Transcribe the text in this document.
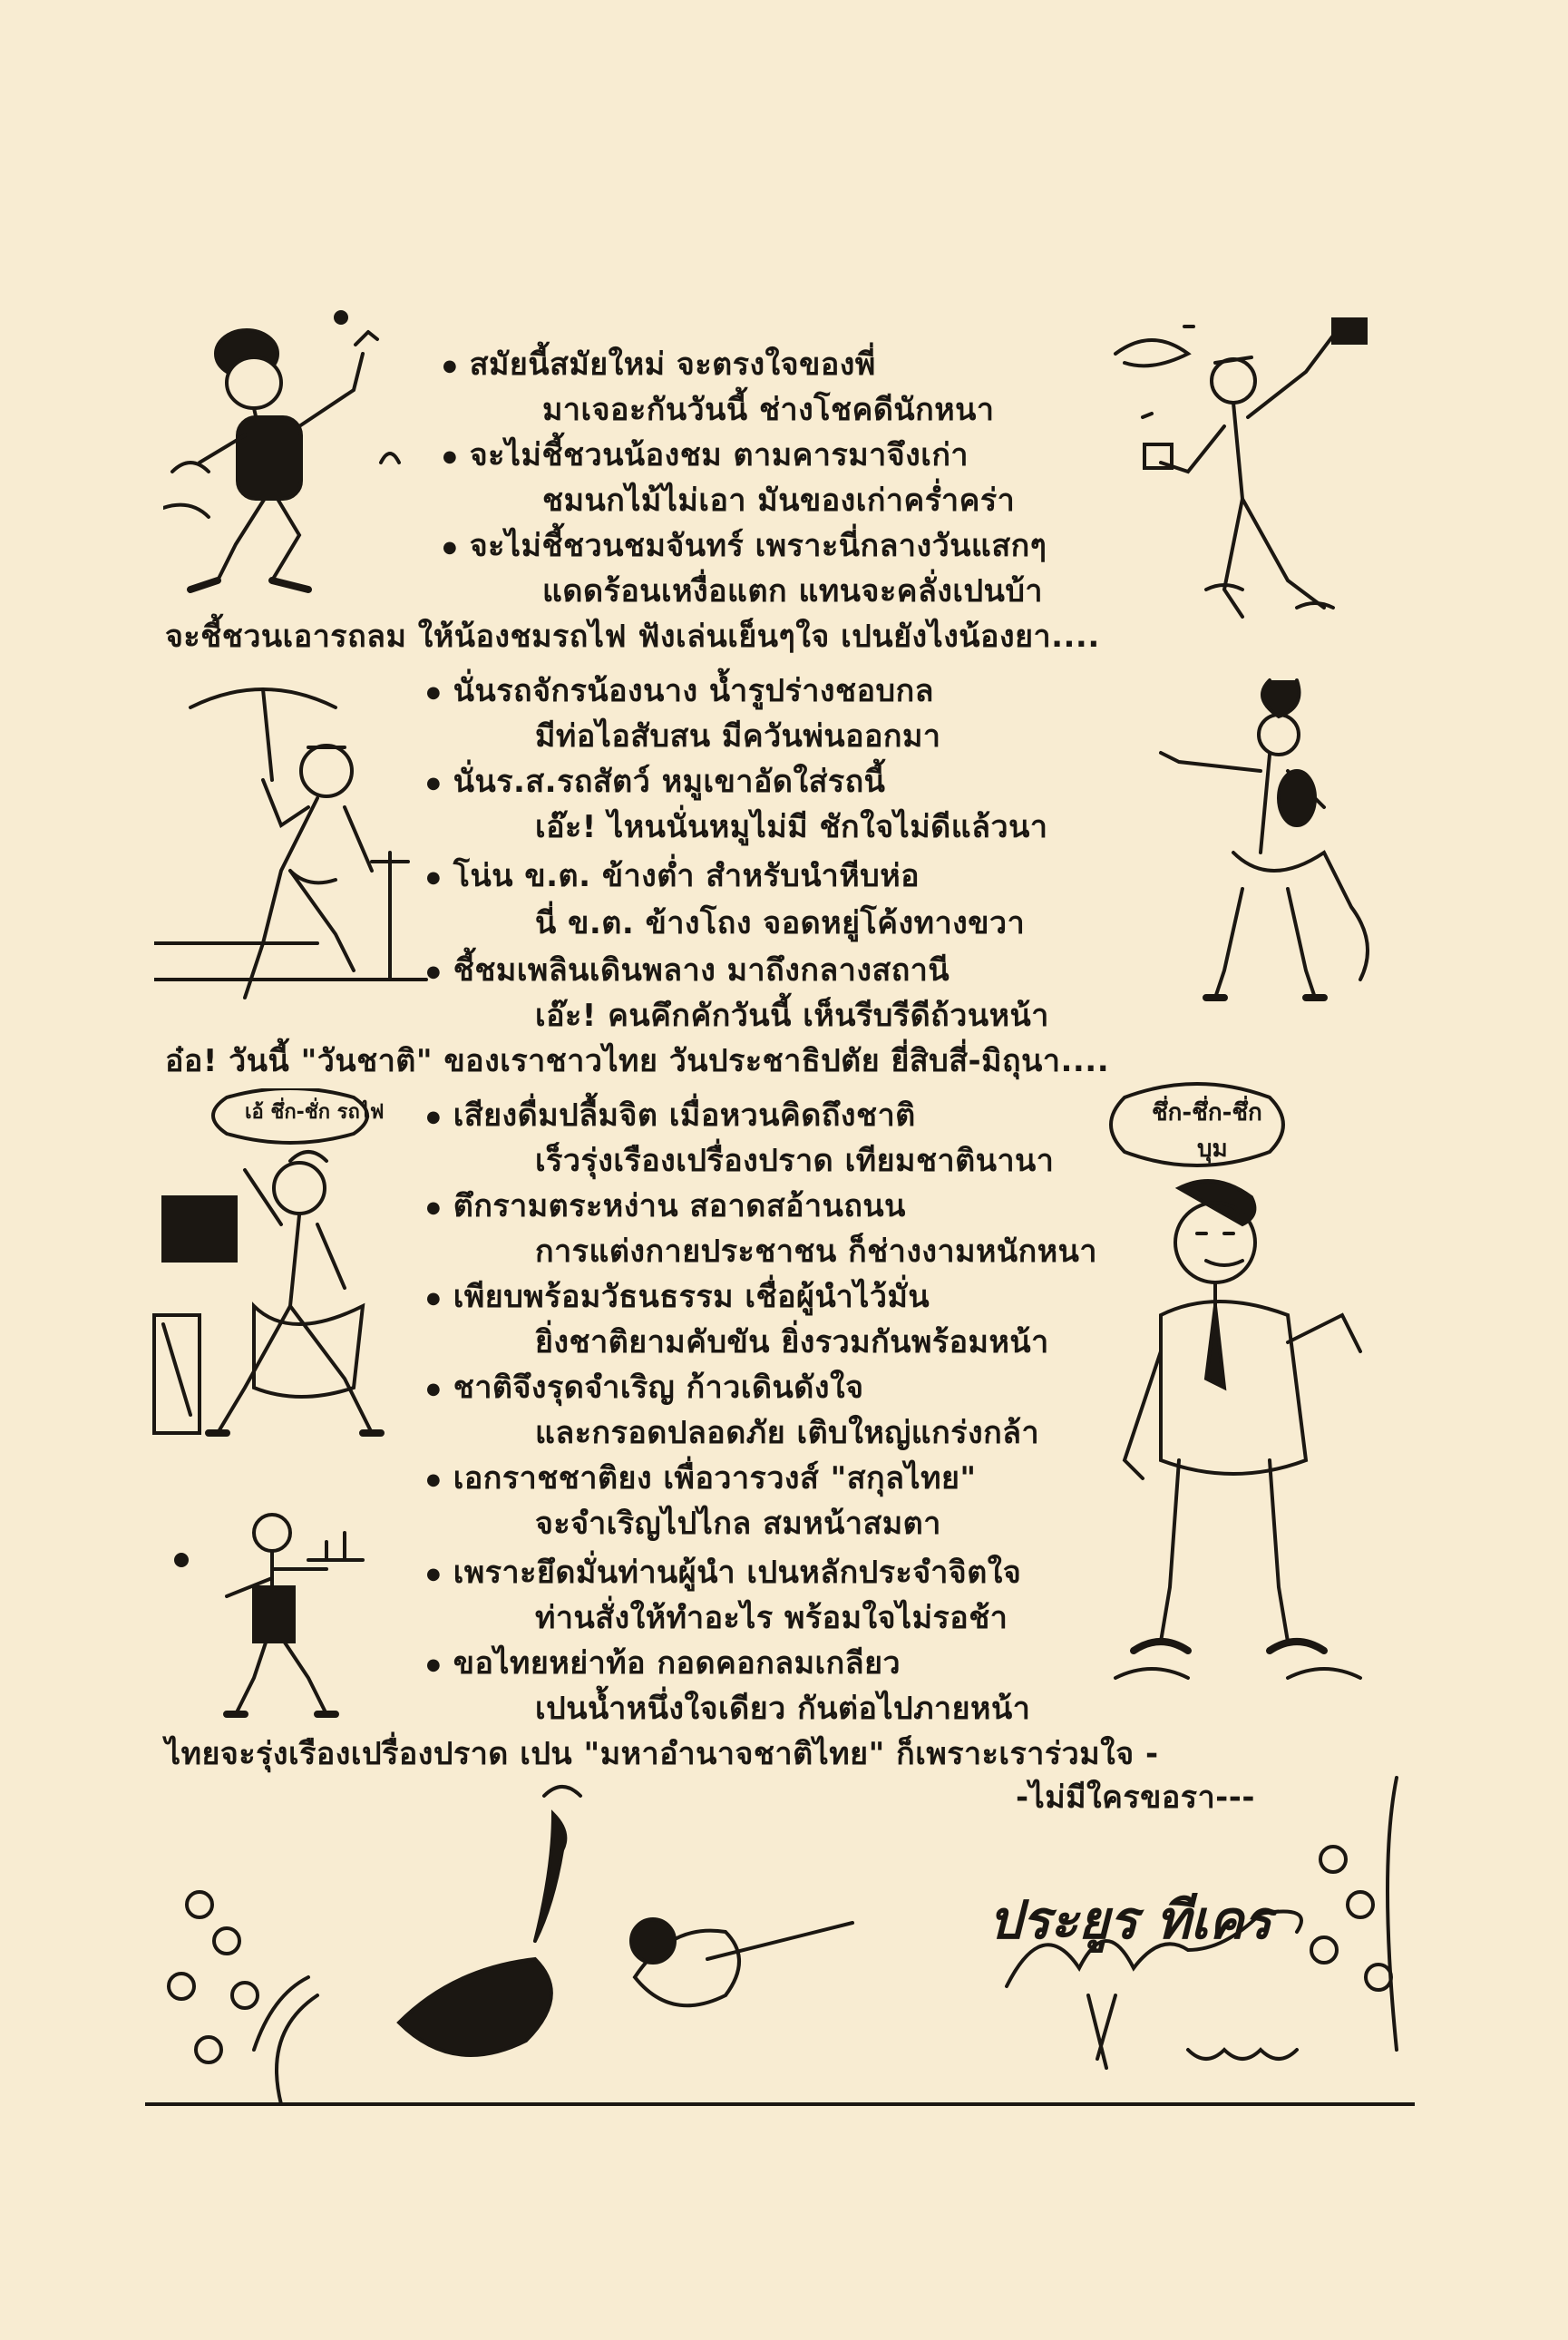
●  สมัยนี้สมัยใหม่ จะตรงใจของพี่
มาเจอะกันวันนี้ ช่างโชคดีนักหนา
●  จะไม่ชี้ชวนน้องชม ตามคารมาจึงเก่า
ชมนกไม้ไม่เอา มันของเก่าคร่ำคร่า
●  จะไม่ชี้ชวนชมจันทร์ เพราะนี่กลางวันแสกๆ
แดดร้อนเหงื่อแตก แทนจะคลั่งเปนบ้า
จะชี้ชวนเอารถลม ให้น้องชมรถไฟ ฟังเล่นเย็นๆใจ เปนยังไงน้องยา....
●  นั่นรถจักรน้องนาง น้ำรูปร่างชอบกล
มีท่อไอสับสน มีควันพ่นออกมา
●  นั่นร.ส.รถสัตว์ หมูเขาอัดใส่รถนี้
เอ๊ะ! ไหนนั่นหมูไม่มี ชักใจไม่ดีแล้วนา
●  โน่น ข.ต. ข้างต่ำ สำหรับนำหีบห่อ
นี่ ข.ต. ข้างโถง จอดหยู่โค้งทางขวา
●  ชี้ชมเพลินเดินพลาง มาถึงกลางสถานี
เอ๊ะ! คนคึกคักวันนี้ เห็นรีบรีดีถ้วนหน้า
อ๋อ! วันนี้ "วันชาติ" ของเราชาวไทย วันประชาธิปตัย ยี่สิบสี่-มิถุนา....
●  เสียงดื่มปลื้มจิต เมื่อหวนคิดถึงชาติ
เร็วรุ่งเรืองเปรื่องปราด เทียมชาตินานา
●  ตึกรามตระหง่าน สอาดสอ้านถนน
การแต่งกายประชาชน ก็ช่างงามหนักหนา
●  เพียบพร้อมวัธนธรรม เชื่อผู้นำไว้มั่น
ยิ่งชาติยามคับขัน ยิ่งรวมกันพร้อมหน้า
●  ชาติจึงรุดจำเริญ ก้าวเดินดังใจ
และกรอดปลอดภัย เติบใหญ่แกร่งกล้า
●  เอกราชชาติยง เพื่อวารวงส์ "สกุลไทย"
จะจำเริญไปไกล สมหน้าสมตา
●  เพราะยึดมั่นท่านผู้นำ เปนหลักประจำจิตใจ
ท่านสั่งให้ทำอะไร พร้อมใจไม่รอช้า
●  ขอไทยหย่าท้อ กอดคอกลมเกลียว
เปนน้ำหนึ่งใจเดียว กันต่อไปภายหน้า
ไทยจะรุ่งเรืองเปรื่องปราด เปน "มหาอำนาจชาติไทย" ก็เพราะเราร่วมใจ -
-ไม่มีใครขอรา---
เอ้ ชึ่ก-ชั่ก รถไฟ	ชึ่ก-ชึ่ก-ชึ่ก
บุม
ประยูร ทีเคร
